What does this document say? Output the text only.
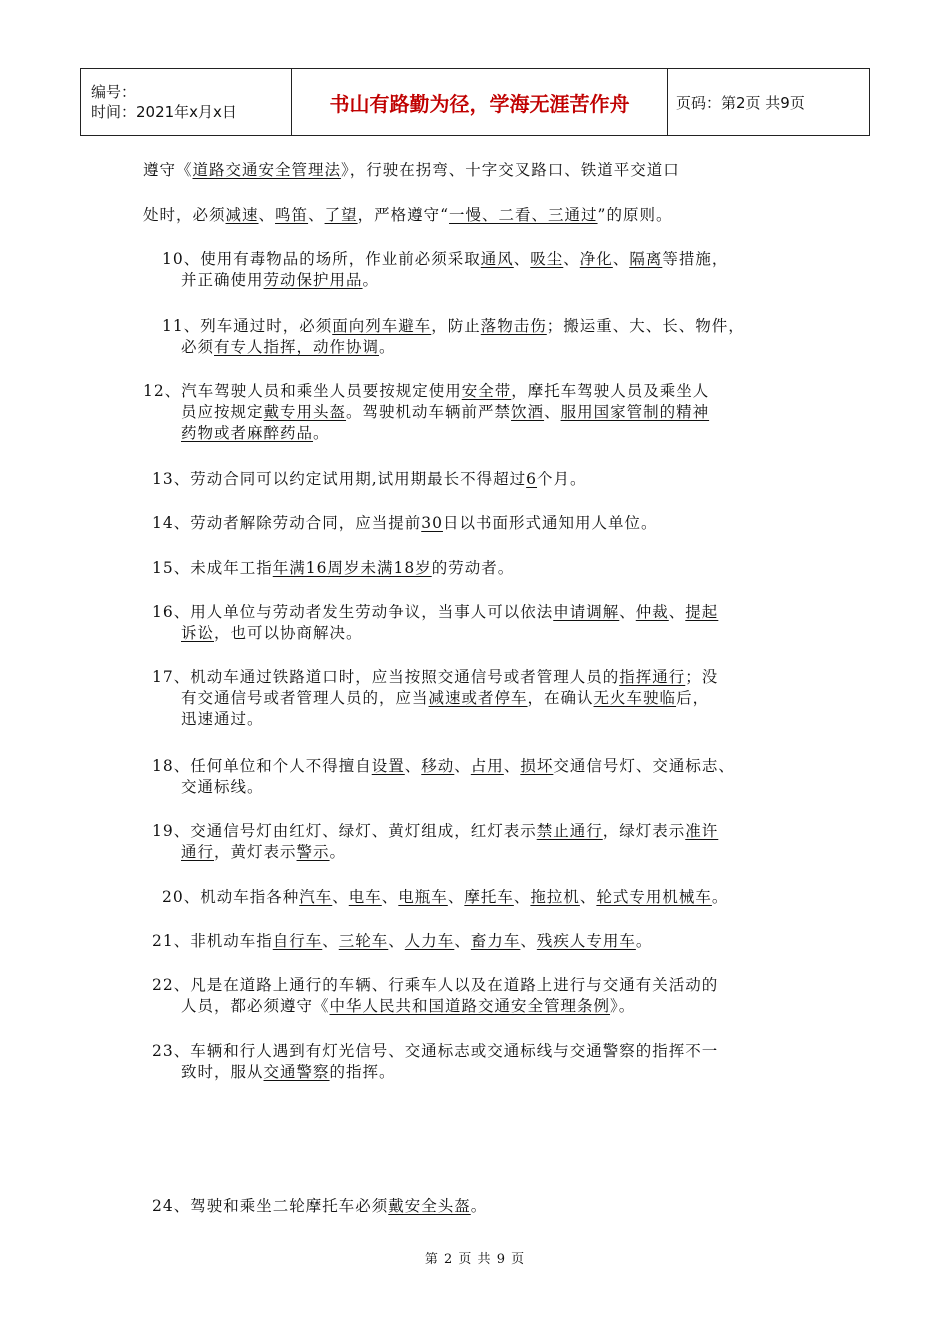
编号：
时间：2021年x月x日	书山有路勤为径，学海无涯苦作舟	页码：第2页 共9页
遵守《道路交通安全管理法》，行驶在拐弯、十字交叉路口、铁道平交道口
处时，必须减速、鸣笛、了望，严格遵守“一慢、二看、三通过”的原则。
10、使用有毒物品的场所，作业前必须采取通风、吸尘、净化、隔离等措施，
并正确使用劳动保护用品。
11、列车通过时，必须面向列车避车，防止落物击伤；搬运重、大、长、物件，
必须有专人指挥，动作协调。
12、汽车驾驶人员和乘坐人员要按规定使用安全带，摩托车驾驶人员及乘坐人
员应按规定戴专用头盔。驾驶机动车辆前严禁饮酒、服用国家管制的精神
药物或者麻醉药品。
13、劳动合同可以约定试用期,试用期最长不得超过6个月。
14、劳动者解除劳动合同，应当提前30日以书面形式通知用人单位。
15、未成年工指年满16周岁未满18岁的劳动者。
16、用人单位与劳动者发生劳动争议，当事人可以依法申请调解、仲裁、提起
诉讼，也可以协商解决。
17、机动车通过铁路道口时，应当按照交通信号或者管理人员的指挥通行；没
有交通信号或者管理人员的，应当减速或者停车，在确认无火车驶临后，
迅速通过。
18、任何单位和个人不得擅自设置、移动、占用、损坏交通信号灯、交通标志、
交通标线。
19、交通信号灯由红灯、绿灯、黄灯组成，红灯表示禁止通行，绿灯表示准许
通行，黄灯表示警示。
20、机动车指各种汽车、电车、电瓶车、摩托车、拖拉机、轮式专用机械车。
21、非机动车指自行车、三轮车、人力车、畜力车、残疾人专用车。
22、凡是在道路上通行的车辆、行乘车人以及在道路上进行与交通有关活动的
人员，都必须遵守《中华人民共和国道路交通安全管理条例》。
23、车辆和行人遇到有灯光信号、交通标志或交通标线与交通警察的指挥不一
致时，服从交通警察的指挥。
24、驾驶和乘坐二轮摩托车必须戴安全头盔。
第 2 页 共 9 页
